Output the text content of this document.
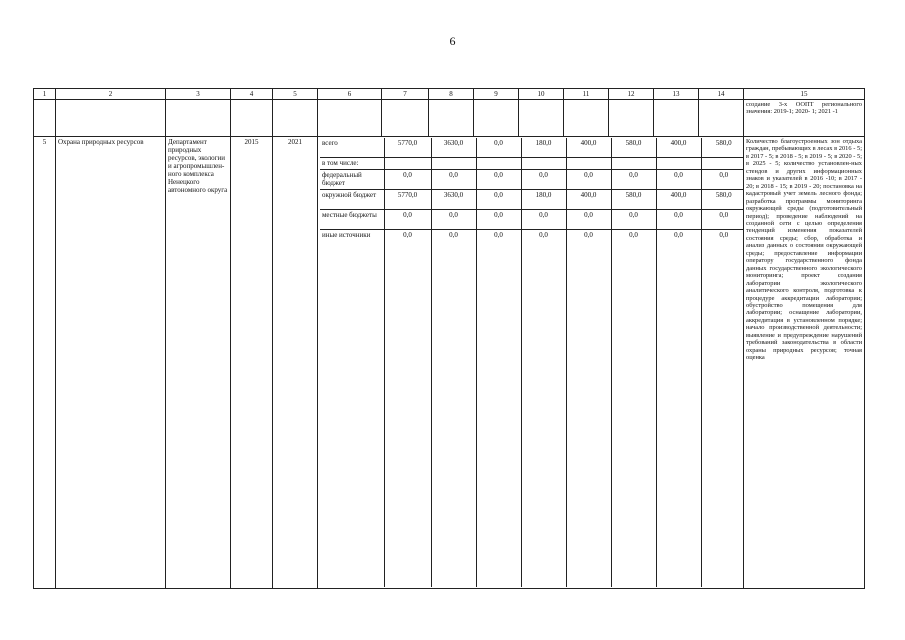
6
1	2	3	4	5	6	7	8	9	10	11	12	13	14	15
														создание 3-х ООПТ регионального значения: 2019-1; 2020- 1; 2021 -1
5	Охрана природных ресурсов	Департамент природных ресурсов, экологии и агропромышлен-ного комплекса Ненецкого автономного округа	2015	2021		всего	5770,0	3630,0	0,0	180,0	400,0	580,0	400,0	580,0
в том числе:								
федеральный бюджет	0,0	0,0	0,0	0,0	0,0	0,0	0,0	0,0
окружной бюджет	5770,0	3630,0	0,0	180,0	400,0	580,0	400,0	580,0
местные бюджеты	0,0	0,0	0,0	0,0	0,0	0,0	0,0	0,0
иные источники	0,0	0,0	0,0	0,0	0,0	0,0	0,0	0,0
	Количество благоустроенных зон отдыха граждан, пребывающих в лесах в 2016 - 5; в 2017 - 5; в 2018 - 5; в 2019 - 5; в 2020 - 5; в 2025 - 5; количество установлен-ных стендов и других информационных знаков и указателей в 2016 -10; в 2017 - 20; в 2018 - 15; в 2019 - 20; постановка на кадастровый учет земель лесного фонда; разработка программы мониторинга окружающей среды (подготовительный период); проведение наблюдений на созданной сети с целью определения тенденций изменения показателей состояния среды; сбор, обработка и анализ данных о состоянии окружающей среды; предоставление информации оператору государственного фонда данных государственного экологического мониторинга; проект создания лаборатории экологического аналитического контроля, подготовка к процедуре аккредитации лаборатории; обустройство помещения для лаборатории; оснащение лаборатории, аккредитация в установленном порядке; начало производственной деятельности; выявление и предупреждение нарушений требований законодательства в области охраны природных ресурсов; точная оценка
